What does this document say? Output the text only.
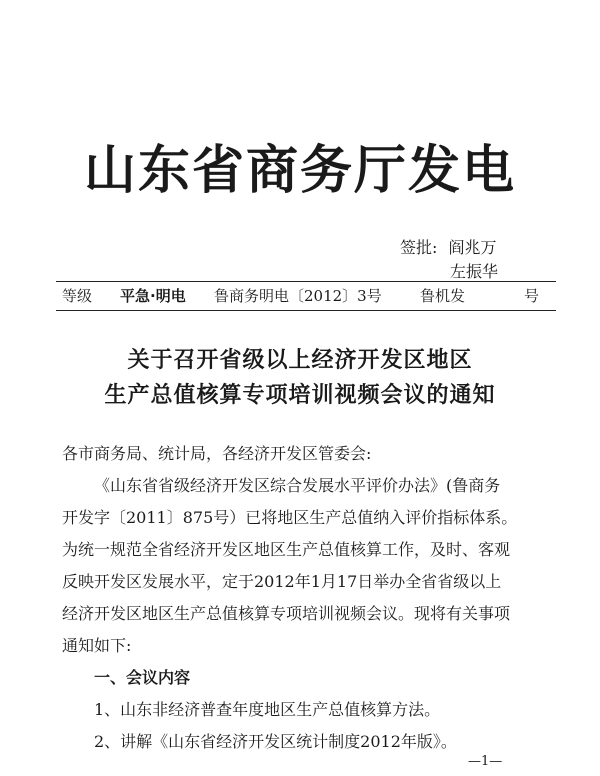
山东省商务厅发电
签批: 阎兆万
左振华
等级 平急·明电 鲁商务明电〔2012〕3号	鲁机发	号
关于召开省级以上经济开发区地区
生产总值核算专项培训视频会议的通知

各市商务局、统计局，各经济开发区管委会:

《山东省省级经济开发区综合发展水平评价办法》(鲁商务

开发字〔2011〕875号）已将地区生产总值纳入评价指标体系。

为统一规范全省经济开发区地区生产总值核算工作，及时、客观

反映开发区发展水平，定于2012年1月17日举办全省省级以上

经济开发区地区生产总值核算专项培训视频会议。现将有关事项

通知如下:

一、会议内容

1、山东非经济普查年度地区生产总值核算方法。

2、讲解《山东省经济开发区统计制度2012年版》。

—1—
